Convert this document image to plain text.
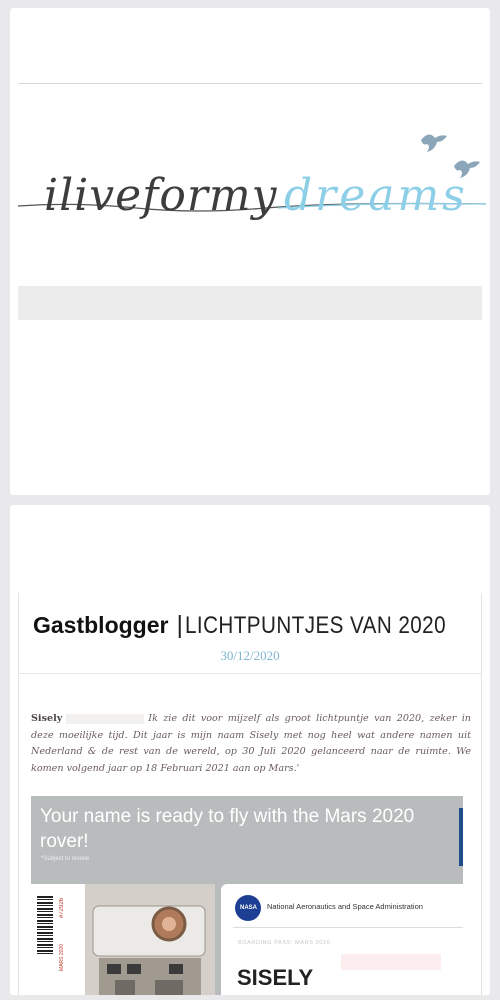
iliveformy dreams
Gastblogger |LICHTPUNTJES VAN 2020
30/12/2020
Sisely	Ik zie dit voor mijzelf als groot lichtpuntje van 2020, zeker in deze moeilijke tijd. Dit jaar is mijn naam Sisely met nog heel wat andere namen uit Nederland & de rest van de wereld, op 30 Juli 2020 gelanceerd naar de ruimte. We komen volgend jaar op 18 Februari 2021 aan op Mars.'
Your name is ready to fly with the Mars 2020 rover!
*Subject to review
#72926
MARS 2020
NASA National Aeronautics and Space Administration
BOARDING PASS: MARS 2020
SISELY
